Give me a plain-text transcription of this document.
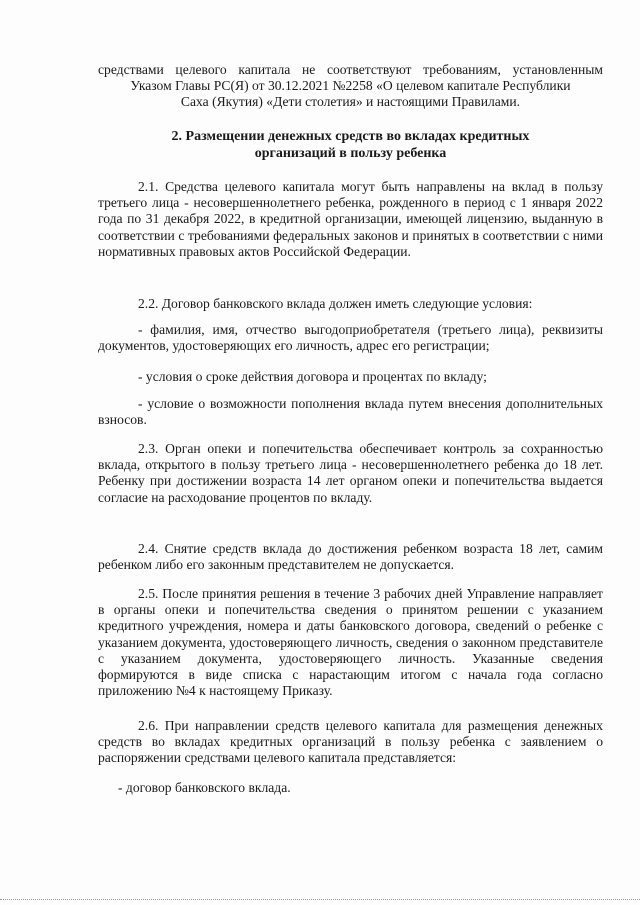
средствами целевого капитала не соответствуют требованиям, установленным
Указом Главы РС(Я) от 30.12.2021 №2258 «О целевом капитале Республики
Саха (Якутия) «Дети столетия» и настоящими Правилами.
2. Размещении денежных средств во вкладах кредитных
организаций в пользу ребенка

2.1. Средства целевого капитала могут быть направлены на вклад в пользу третьего лица - несовершеннолетнего ребенка, рожденного в период с 1 января 2022 года по 31 декабря 2022, в кредитной организации, имеющей лицензию, выданную в соответствии с требованиями федеральных законов и принятых в соответствии с ними нормативных правовых актов Российской Федерации.

2.2. Договор банковского вклада должен иметь следующие условия:

- фамилия, имя, отчество выгодоприобретателя (третьего лица), реквизиты документов, удостоверяющих его личность, адрес его регистрации;

- условия о сроке действия договора и процентах по вкладу;

- условие о возможности пополнения вклада путем внесения дополнительных взносов.

2.3. Орган опеки и попечительства обеспечивает контроль за сохранностью вклада, открытого в пользу третьего лица - несовершеннолетнего ребенка до 18 лет. Ребенку при достижении возраста 14 лет органом опеки и попечительства выдается согласие на расходование процентов по вкладу.

2.4. Снятие средств вклада до достижения ребенком возраста 18 лет, самим ребенком либо его законным представителем не допускается.

2.5. После принятия решения в течение 3 рабочих дней Управление направляет в органы опеки и попечительства сведения о принятом решении с указанием кредитного учреждения, номера и даты банковского договора, сведений о ребенке с указанием документа, удостоверяющего личность, сведения о законном представителе с указанием документа, удостоверяющего личность. Указанные сведения формируются в виде списка с нарастающим итогом с начала года согласно приложению №4 к настоящему Приказу.

2.6. При направлении средств целевого капитала для размещения денежных средств во вкладах кредитных организаций в пользу ребенка с заявлением о распоряжении средствами целевого капитала представляется:

- договор банковского вклада.
